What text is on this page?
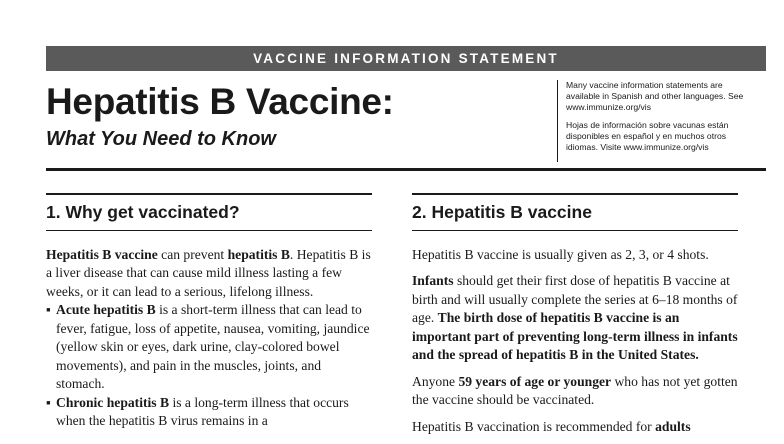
VACCINE INFORMATION STATEMENT
Hepatitis B Vaccine:
What You Need to Know

Many vaccine information statements are available in Spanish and other languages. See www.immunize.org/vis

Hojas de información sobre vacunas están disponibles en español y en muchos otros idiomas. Visite www.immunize.org/vis

1. Why get vaccinated?

Hepatitis B vaccine can prevent hepatitis B. Hepatitis B is a liver disease that can cause mild illness lasting a few weeks, or it can lead to a serious, lifelong illness.

▪ Acute hepatitis B is a short-term illness that can lead to fever, fatigue, loss of appetite, nausea, vomiting, jaundice (yellow skin or eyes, dark urine, clay-colored bowel movements), and pain in the muscles, joints, and stomach.
▪ Chronic hepatitis B is a long-term illness that occurs when the hepatitis B virus remains in a
2. Hepatitis B vaccine

Hepatitis B vaccine is usually given as 2, 3, or 4 shots.

Infants should get their first dose of hepatitis B vaccine at birth and will usually complete the series at 6–18 months of age. The birth dose of hepatitis B vaccine is an important part of preventing long-term illness in infants and the spread of hepatitis B in the United States.

Anyone 59 years of age or younger who has not yet gotten the vaccine should be vaccinated.

Hepatitis B vaccination is recommended for adults
